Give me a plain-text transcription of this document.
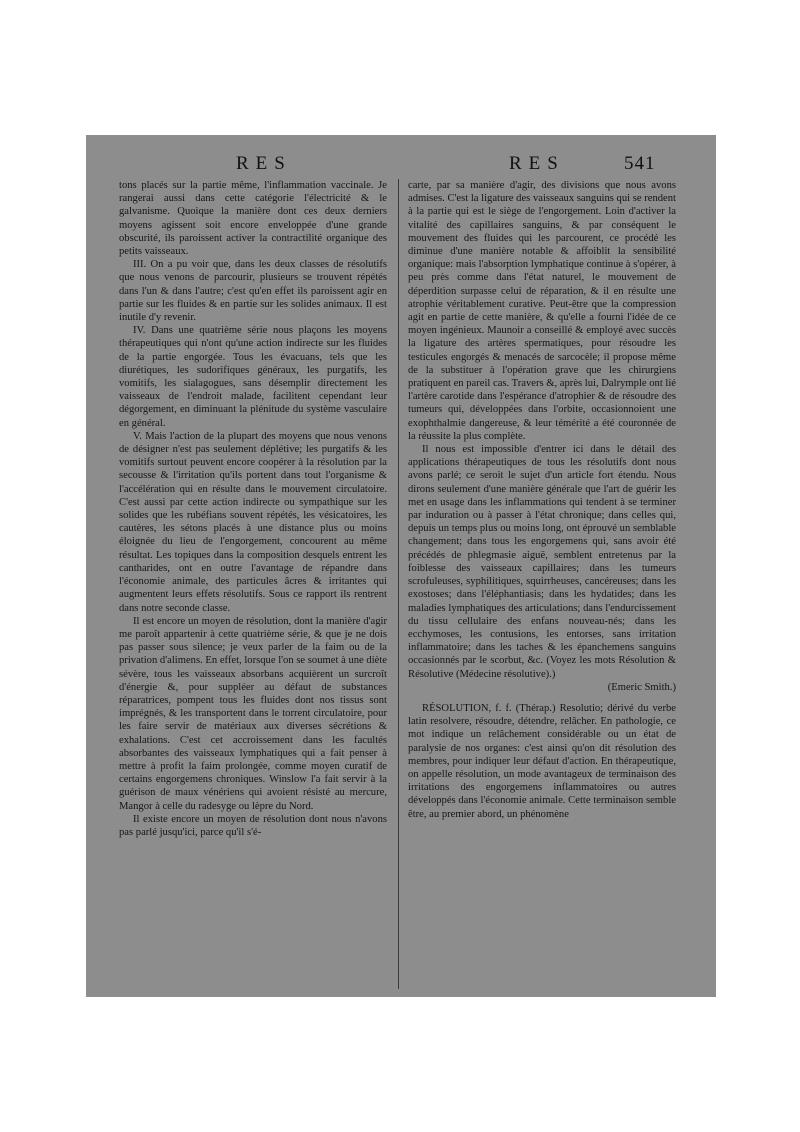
RES	RES	541

tons placés sur la partie même, l'inflammation vaccinale. Je rangerai aussi dans cette catégorie l'électricité & le galvanisme. Quoique la manière dont ces deux derniers moyens agissent soit encore enveloppée d'une grande obscurité, ils paroissent activer la contractilité organique des petits vaisseaux.

III. On a pu voir que, dans les deux classes de résolutifs que nous venons de parcourir, plusieurs se trouvent répétés dans l'un & dans l'autre; c'est qu'en effet ils paroissent agir en partie sur les fluides & en partie sur les solides animaux. Il est inutile d'y revenir.

IV. Dans une quatrième série nous plaçons les moyens thérapeutiques qui n'ont qu'une action indirecte sur les fluides de la partie engorgée. Tous les évacuans, tels que les diurétiques, les sudorifiques généraux, les purgatifs, les vomitifs, les sialagogues, sans désemplir directement les vaisseaux de l'endroit malade, facilitent cependant leur dégorgement, en diminuant la plénitude du système vasculaire en général.

V. Mais l'action de la plupart des moyens que nous venons de désigner n'est pas seulement déplétive; les purgatifs & les vomitifs surtout peuvent encore coopérer à la résolution par la secousse & l'irritation qu'ils portent dans tout l'organisme & l'accélération qui en résulte dans le mouvement circulatoire. C'est aussi par cette action indirecte ou sympathique sur les solides que les rubéfians souvent répétés, les vésicatoires, les cautères, les sétons placés à une distance plus ou moins éloignée du lieu de l'engorgement, concourent au même résultat. Les topiques dans la composition desquels entrent les cantharides, ont en outre l'avantage de répandre dans l'économie animale, des particules âcres & irritantes qui augmentent leurs effets résolutifs. Sous ce rapport ils rentrent dans notre seconde classe.

Il est encore un moyen de résolution, dont la manière d'agir me paroît appartenir à cette quatrième série, & que je ne dois pas passer sous silence; je veux parler de la faim ou de la privation d'alimens. En effet, lorsque l'on se soumet à une diète sévère, tous les vaisseaux absorbans acquièrent un surcroît d'énergie &, pour suppléer au défaut de substances réparatrices, pompent tous les fluides dont nos tissus sont imprégnés, & les transportent dans le torrent circulatoire, pour les faire servir de matériaux aux diverses sécrétions & exhalations. C'est cet accroissement dans les facultés absorbantes des vaisseaux lymphatiques qui a fait penser à mettre à profit la faim prolongée, comme moyen curatif de certains engorgemens chroniques. Winslow l'a fait servir à la guérison de maux vénériens qui avoient résisté au mercure, Mangor à celle du radesyge ou lèpre du Nord.

Il existe encore un moyen de résolution dont nous n'avons pas parlé jusqu'ici, parce qu'il s'é-

carte, par sa manière d'agir, des divisions que nous avons admises. C'est la ligature des vaisseaux sanguins qui se rendent à la partie qui est le siège de l'engorgement. Loin d'activer la vitalité des capillaires sanguins, & par conséquent le mouvement des fluides qui les parcourent, ce procédé les diminue d'une manière notable & affoiblit la sensibilité organique: mais l'absorption lymphatique continue à s'opérer, à peu près comme dans l'état naturel, le mouvement de déperdition surpasse celui de réparation, & il en résulte une atrophie véritablement curative. Peut-être que la compression agit en partie de cette manière, & qu'elle a fourni l'idée de ce moyen ingénieux. Maunoir a conseillé & employé avec succès la ligature des artères spermatiques, pour résoudre les testicules engorgés & menacés de sarcocèle; il propose même de la substituer à l'opération grave que les chirurgiens pratiquent en pareil cas. Travers &, après lui, Dalrymple ont lié l'artère carotide dans l'espérance d'atrophier & de résoudre des tumeurs qui, développées dans l'orbite, occasionnoient une exophthalmie dangereuse, & leur témérité a été couronnée de la réussite la plus complète.

Il nous est impossible d'entrer ici dans le détail des applications thérapeutiques de tous les résolutifs dont nous avons parlé; ce seroit le sujet d'un article fort étendu. Nous dirons seulement d'une manière générale que l'art de guérir les met en usage dans les inflammations qui tendent à se terminer par induration ou à passer à l'état chronique; dans celles qui, depuis un temps plus ou moins long, ont éprouvé un semblable changement; dans tous les engorgemens qui, sans avoir été précédés de phlegmasie aiguë, semblent entretenus par la foiblesse des vaisseaux capillaires; dans les tumeurs scrofuleuses, syphilitiques, squirrheuses, cancéreuses; dans les exostoses; dans l'éléphantiasis; dans les hydatides; dans les maladies lymphatiques des articulations; dans l'endurcissement du tissu cellulaire des enfans nouveau-nés; dans les ecchymoses, les contusions, les entorses, sans irritation inflammatoire; dans les taches & les épanchemens sanguins occasionnés par le scorbut, &c. (Voyez les mots Résolution & Résolutive (Médecine résolutive).)

(Emeric Smith.)

RÉSOLUTION, f. f. (Thérap.) Resolutio; dérivé du verbe latin resolvere, résoudre, détendre, relâcher. En pathologie, ce mot indique un relâchement considérable ou un état de paralysie de nos organes: c'est ainsi qu'on dit résolution des membres, pour indiquer leur défaut d'action. En thérapeutique, on appelle résolution, un mode avantageux de terminaison des irritations des engorgemens inflammatoires ou autres développés dans l'économie animale. Cette terminaison semble être, au premier abord, un phénomène
